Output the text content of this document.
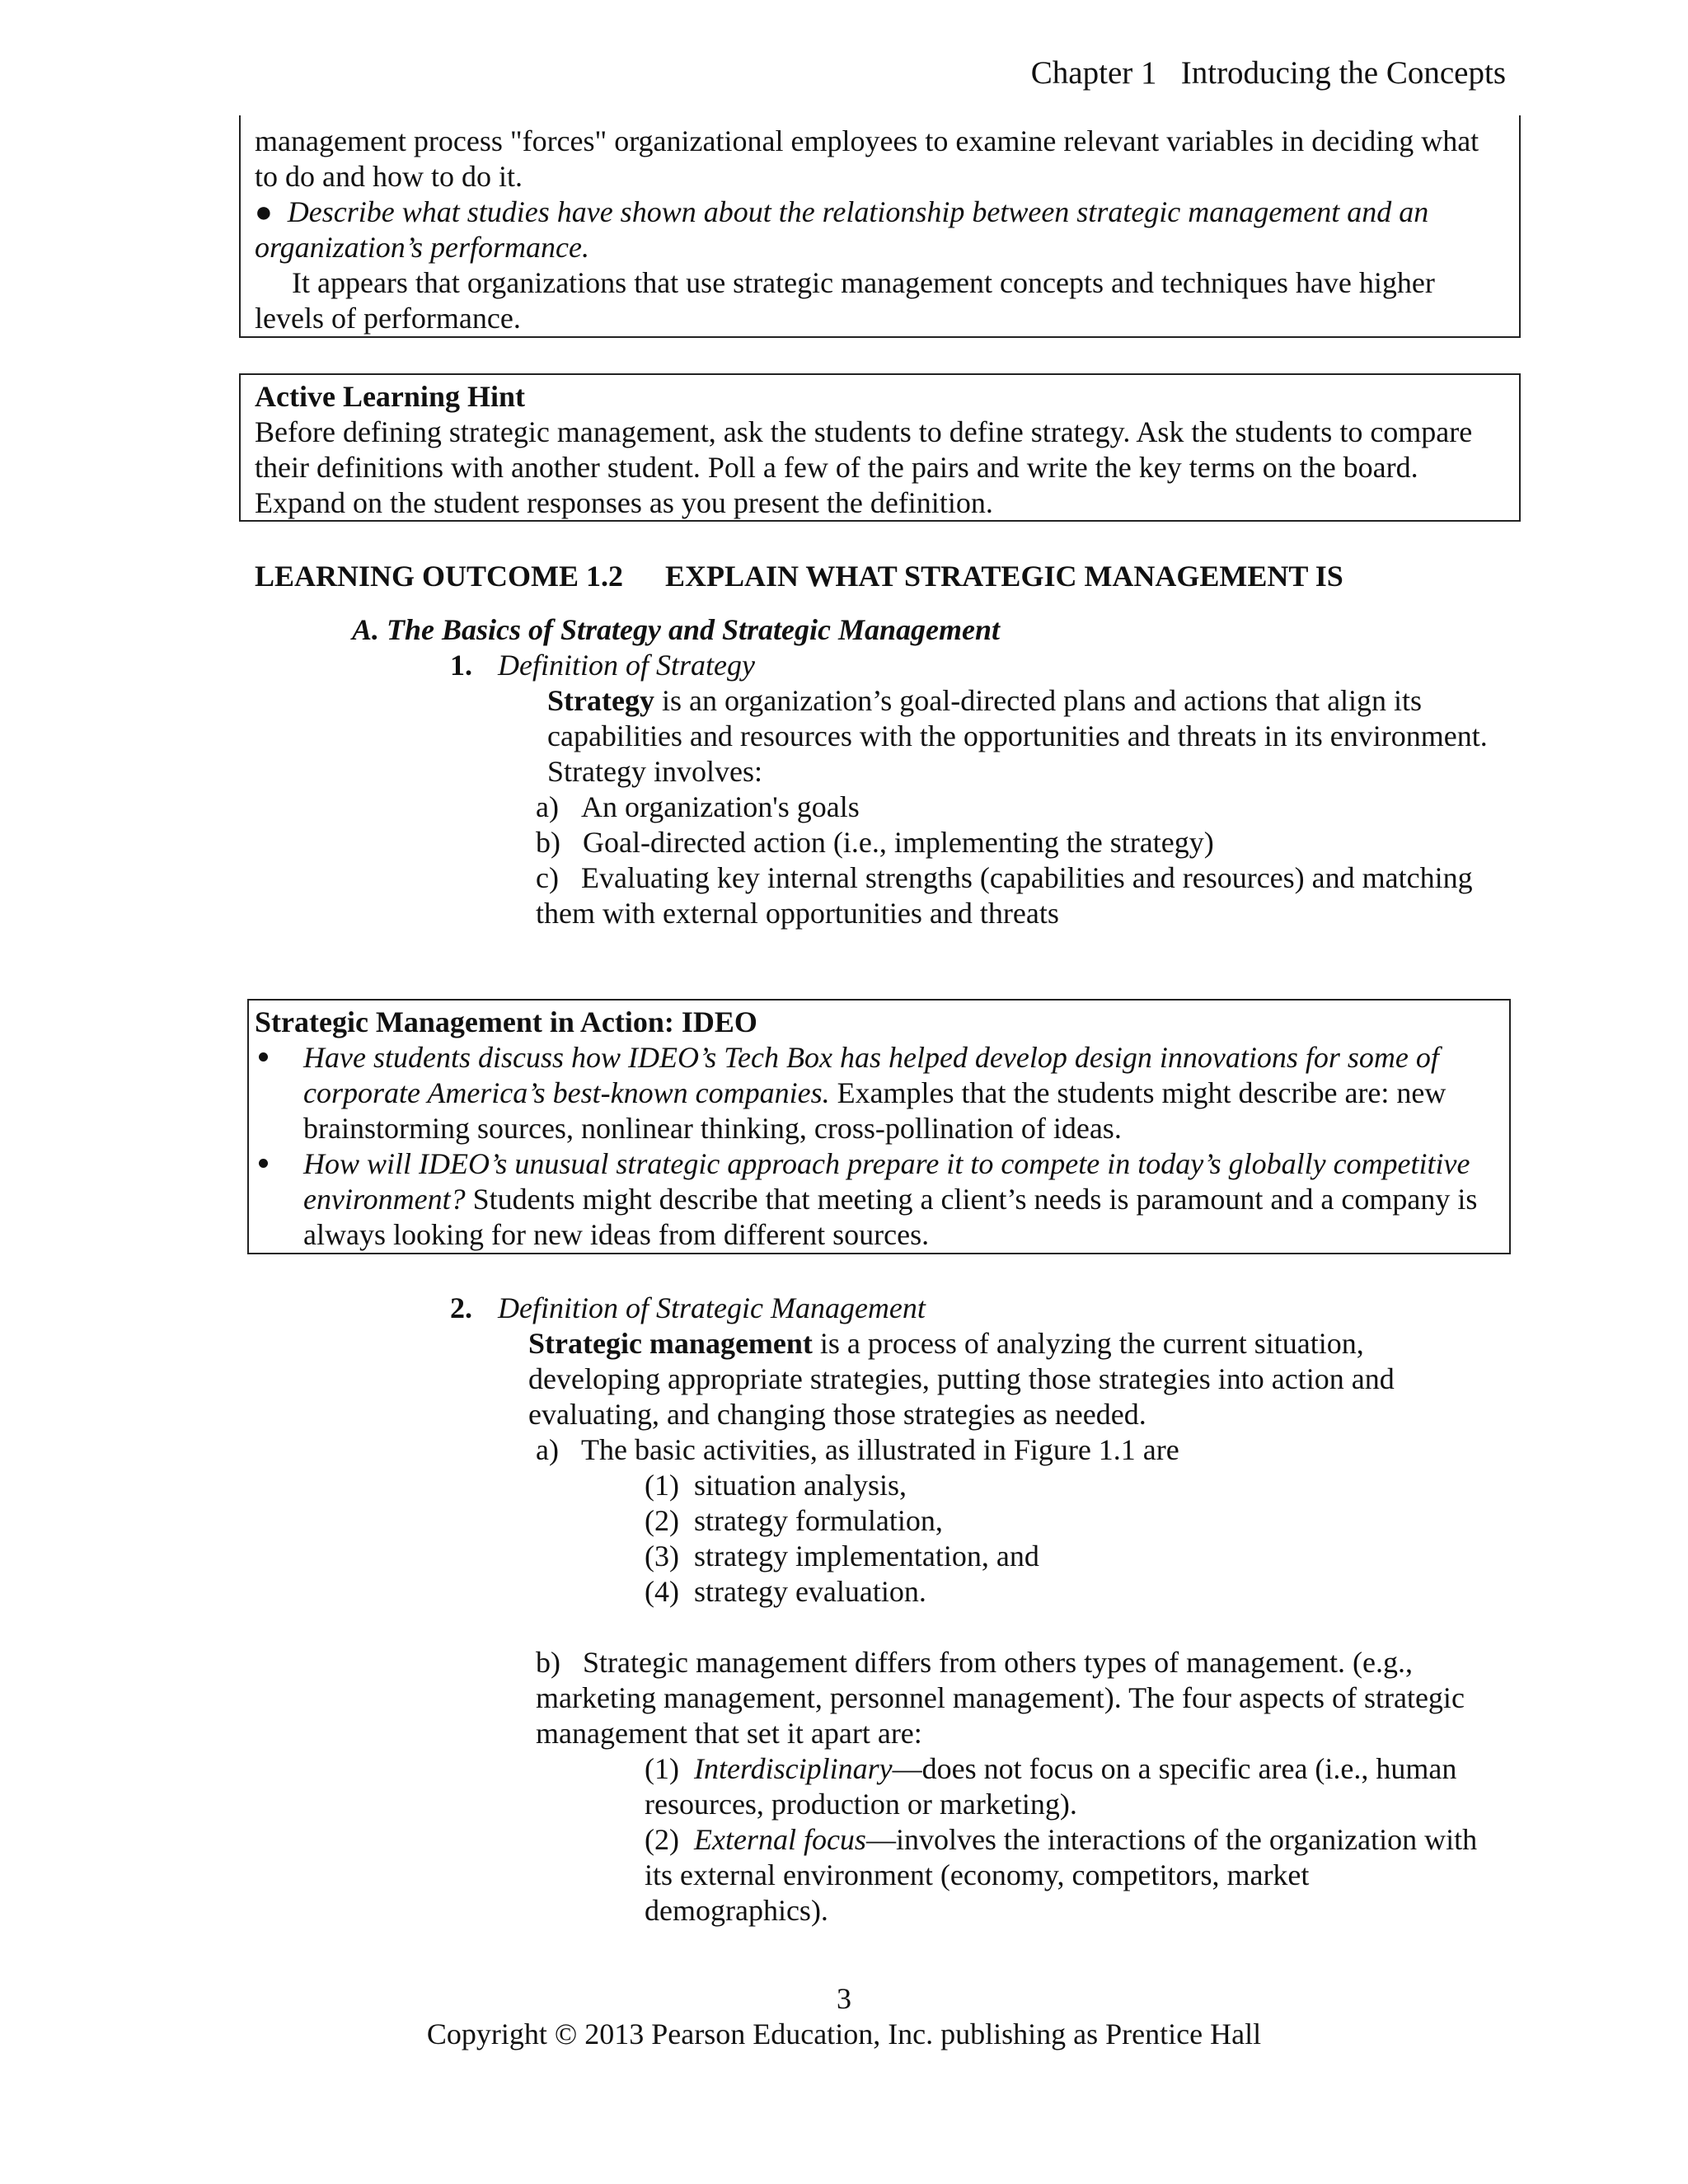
Chapter 1 Introducing the Concepts
management process "forces" organizational employees to examine relevant variables in deciding what
to do and how to do it.
● Describe what studies have shown about the relationship between strategic management and an
organization’s performance.
It appears that organizations that use strategic management concepts and techniques have higher
levels of performance.
Active Learning Hint
Before defining strategic management, ask the students to define strategy. Ask the students to compare
their definitions with another student. Poll a few of the pairs and write the key terms on the board.
Expand on the student responses as you present the definition.
LEARNING OUTCOME 1.2 EXPLAIN WHAT STRATEGIC MANAGEMENT IS
A. The Basics of Strategy and Strategic Management
1. Definition of Strategy
Strategy is an organization’s goal-directed plans and actions that align its
capabilities and resources with the opportunities and threats in its environment.
Strategy involves:
a) An organization's goals
b) Goal-directed action (i.e., implementing the strategy)
c) Evaluating key internal strengths (capabilities and resources) and matching
them with external opportunities and threats
Strategic Management in Action: IDEO
Have students discuss how IDEO’s Tech Box has helped develop design innovations for some of
corporate America’s best-known companies. Examples that the students might describe are: new
brainstorming sources, nonlinear thinking, cross-pollination of ideas.
How will IDEO’s unusual strategic approach prepare it to compete in today’s globally competitive
environment? Students might describe that meeting a client’s needs is paramount and a company is
always looking for new ideas from different sources.
2. Definition of Strategic Management
Strategic management is a process of analyzing the current situation,
developing appropriate strategies, putting those strategies into action and
evaluating, and changing those strategies as needed.
a) The basic activities, as illustrated in Figure 1.1 are
(1) situation analysis,
(2) strategy formulation,
(3) strategy implementation, and
(4) strategy evaluation.
b) Strategic management differs from others types of management. (e.g.,
marketing management, personnel management). The four aspects of strategic
management that set it apart are:
(1) Interdisciplinary—does not focus on a specific area (i.e., human
resources, production or marketing).
(2) External focus—involves the interactions of the organization with
its external environment (economy, competitors, market
demographics).
3
Copyright © 2013 Pearson Education, Inc. publishing as Prentice Hall
